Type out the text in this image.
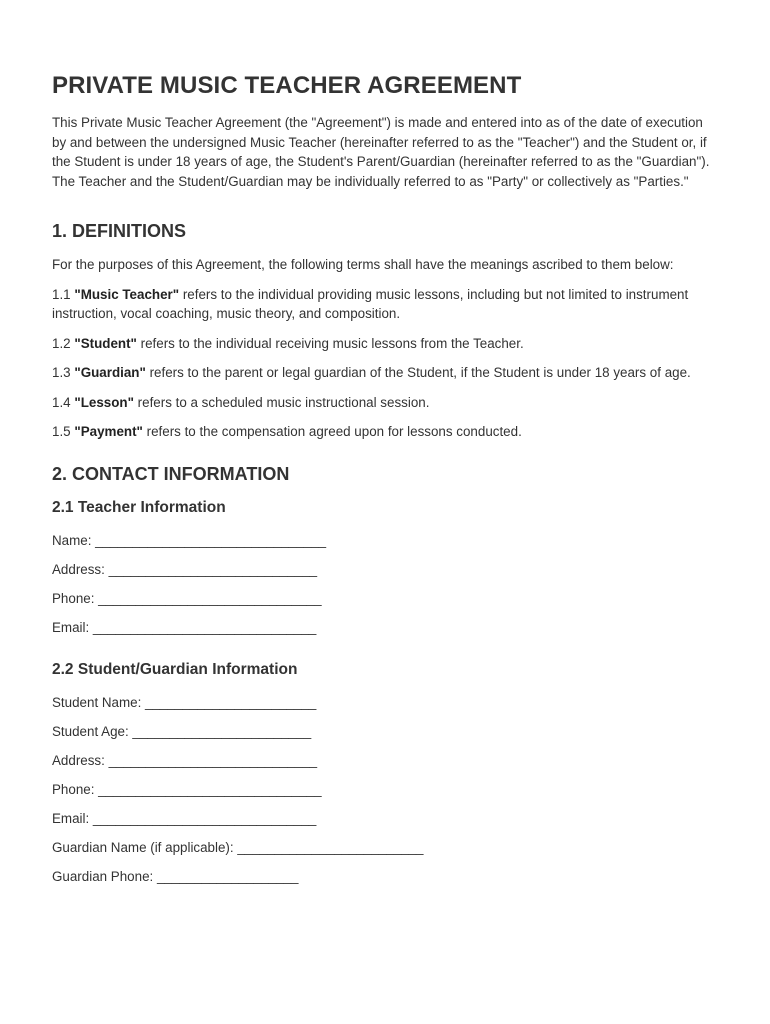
PRIVATE MUSIC TEACHER AGREEMENT

This Private Music Teacher Agreement (the "Agreement") is made and entered into as of the date of execution by and between the undersigned Music Teacher (hereinafter referred to as the "Teacher") and the Student or, if the Student is under 18 years of age, the Student's Parent/Guardian (hereinafter referred to as the "Guardian"). The Teacher and the Student/Guardian may be individually referred to as "Party" or collectively as "Parties."

1. DEFINITIONS

For the purposes of this Agreement, the following terms shall have the meanings ascribed to them below:

1.1 "Music Teacher" refers to the individual providing music lessons, including but not limited to instrument instruction, vocal coaching, music theory, and composition.

1.2 "Student" refers to the individual receiving music lessons from the Teacher.

1.3 "Guardian" refers to the parent or legal guardian of the Student, if the Student is under 18 years of age.

1.4 "Lesson" refers to a scheduled music instructional session.

1.5 "Payment" refers to the compensation agreed upon for lessons conducted.

2. CONTACT INFORMATION
2.1 Teacher Information

Name: _______________________________

Address: ____________________________

Phone: ______________________________

Email: ______________________________

2.2 Student/Guardian Information

Student Name: _______________________

Student Age: ________________________

Address: ____________________________

Phone: ______________________________

Email: ______________________________

Guardian Name (if applicable): _________________________

Guardian Phone: ___________________
